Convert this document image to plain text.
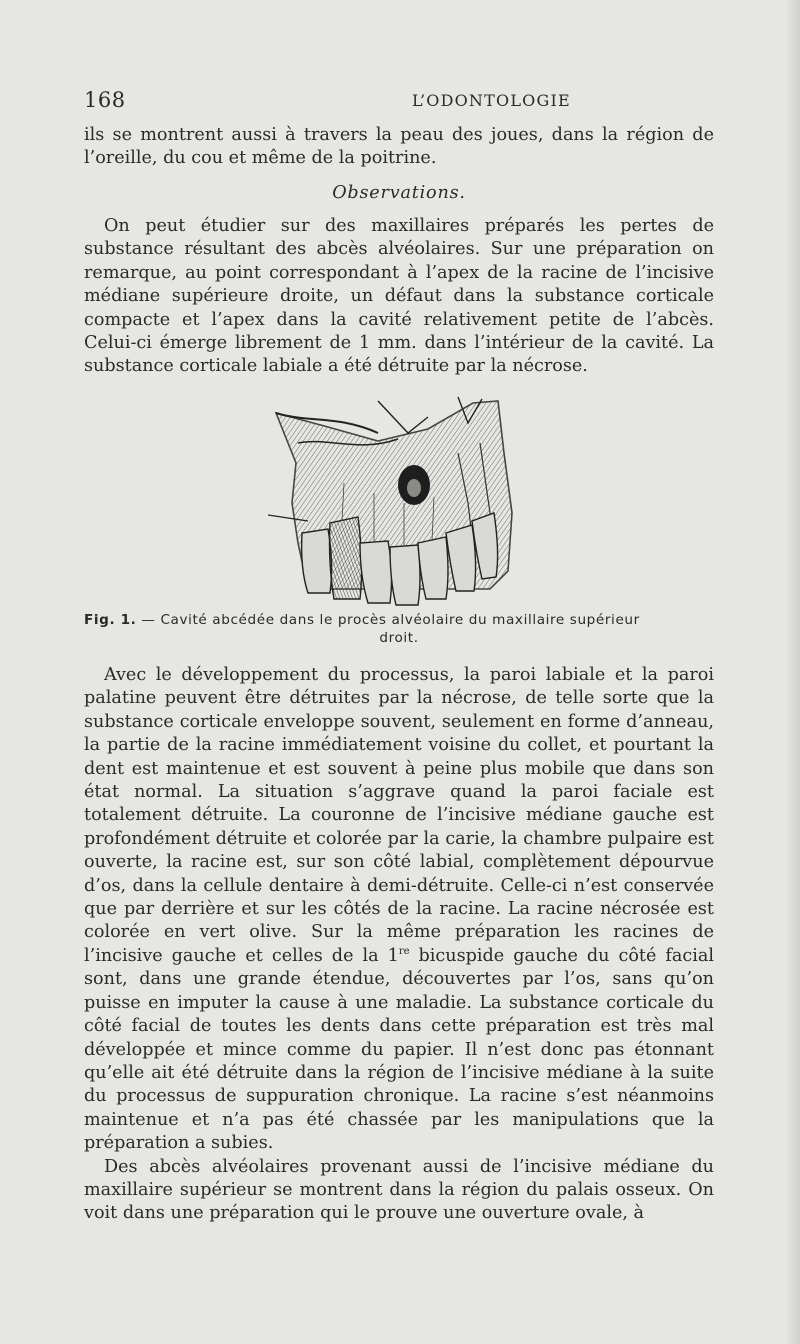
168	L’ODONTOLOGIE

ils se montrent aussi à travers la peau des joues, dans la région de l’oreille, du cou et même de la poitrine.

Observations.

On peut étudier sur des maxillaires préparés les pertes de substance résultant des abcès alvéolaires. Sur une préparation on remarque, au point correspondant à l’apex de la racine de l’incisive médiane supérieure droite, un défaut dans la substance corticale compacte et l’apex dans la cavité relativement petite de l’abcès. Celui-ci émerge librement de 1 mm. dans l’intérieur de la cavité. La substance corticale labiale a été détruite par la nécrose.

Fig. 1. — Cavité abcédée dans le procès alvéolaire du maxillaire supérieur
droit.

Avec le développement du processus, la paroi labiale et la paroi palatine peuvent être détruites par la nécrose, de telle sorte que la substance corticale enveloppe souvent, seulement en forme d’anneau, la partie de la racine immédiatement voisine du collet, et pourtant la dent est maintenue et est souvent à peine plus mobile que dans son état normal. La situation s’aggrave quand la paroi faciale est totalement détruite. La couronne de l’incisive médiane gauche est profondément détruite et colorée par la carie, la chambre pulpaire est ouverte, la racine est, sur son côté labial, complètement dépourvue d’os, dans la cellule dentaire à demi-détruite. Celle-ci n’est conservée que par derrière et sur les côtés de la racine. La racine nécrosée est colorée en vert olive. Sur la même préparation les racines de l’incisive gauche et celles de la 1re bicuspide gauche du côté facial sont, dans une grande étendue, découvertes par l’os, sans qu’on puisse en imputer la cause à une maladie. La substance corticale du côté facial de toutes les dents dans cette préparation est très mal développée et mince comme du papier. Il n’est donc pas étonnant qu’elle ait été détruite dans la région de l’incisive médiane à la suite du processus de suppuration chronique. La racine s’est néanmoins maintenue et n’a pas été chassée par les manipulations que la préparation a subies.

Des abcès alvéolaires provenant aussi de l’incisive médiane du maxillaire supérieur se montrent dans la région du palais osseux. On voit dans une préparation qui le prouve une ouverture ovale, à
